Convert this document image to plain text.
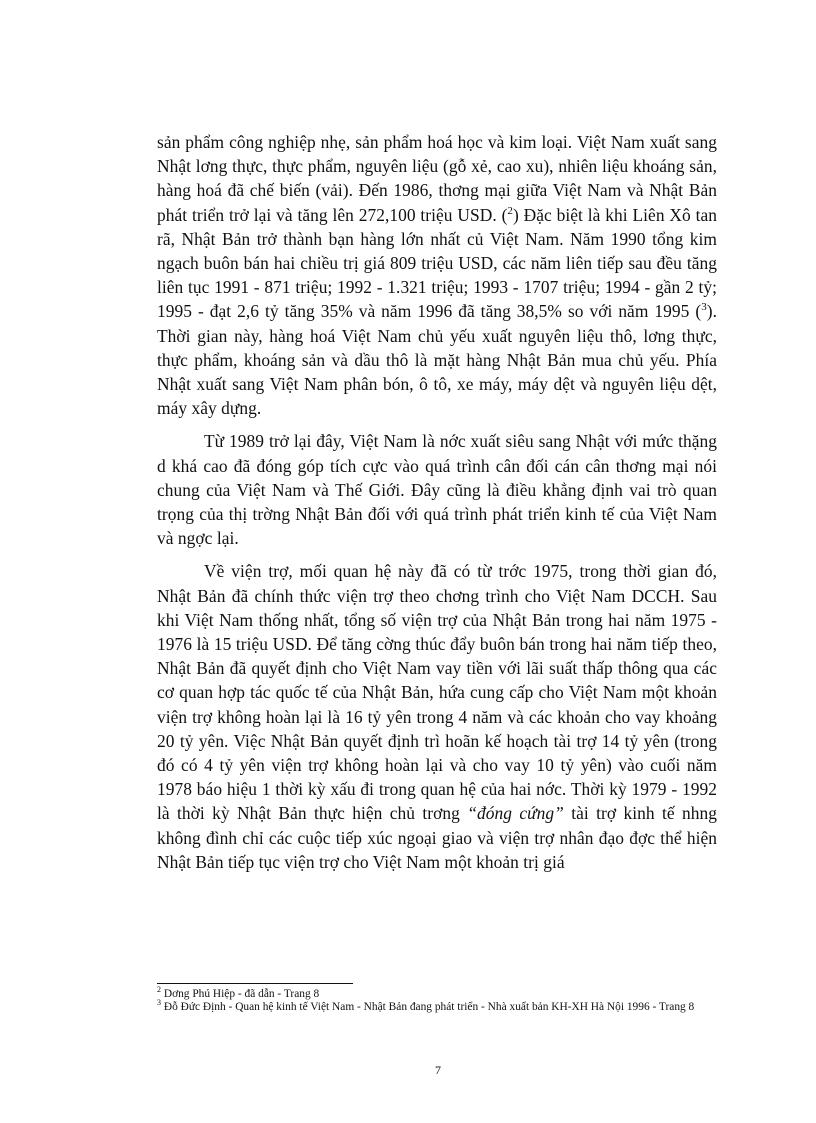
sản phẩm công nghiệp nhẹ, sản phẩm hoá học và kim loại. Việt Nam xuất sang Nhật lơng thực, thực phẩm, nguyên liệu (gỗ xẻ, cao xu), nhiên liệu khoáng sản, hàng hoá đã chế biến (vải). Đến 1986, thơng mại giữa Việt Nam và Nhật Bản phát triển trở lại và tăng lên 272,100 triệu USD. ($^2$) Đặc biệt là khi Liên Xô tan rã, Nhật Bản trở thành bạn hàng lớn nhất củ Việt Nam. Năm 1990 tổng kim ngạch buôn bán hai chiều trị giá 809 triệu USD, các năm liên tiếp sau đều tăng liên tục 1991 - 871 triệu; 1992 - 1.321 triệu; 1993 - 1707 triệu; 1994 - gần 2 tỷ; 1995 - đạt 2,6 tỷ tăng 35% và năm 1996 đã tăng 38,5% so với năm 1995 ($^3$). Thời gian này, hàng hoá Việt Nam chủ yếu xuất nguyên liệu thô, lơng thực, thực phẩm, khoáng sản và dầu thô là mặt hàng Nhật Bản mua chủ yếu. Phía Nhật xuất sang Việt Nam phân bón, ô tô, xe máy, máy dệt và nguyên liệu dệt, máy xây dựng.

Từ 1989 trở lại đây, Việt Nam là nớc xuất siêu sang Nhật với mức thặng d khá cao đã đóng góp tích cực vào quá trình cân đối cán cân thơng mại nói chung của Việt Nam và Thế Giới. Đây cũng là điều khẳng định vai trò quan trọng của thị trờng Nhật Bản đối với quá trình phát triển kinh tế của Việt Nam và ngợc lại.

Về viện trợ, mối quan hệ này đã có từ trớc 1975, trong thời gian đó, Nhật Bản đã chính thức viện trợ theo chơng trình cho Việt Nam DCCH. Sau khi Việt Nam thống nhất, tổng số viện trợ của Nhật Bản trong hai năm 1975 - 1976 là 15 triệu USD. Để tăng cờng thúc đẩy buôn bán trong hai năm tiếp theo, Nhật Bản đã quyết định cho Việt Nam vay tiền với lãi suất thấp thông qua các cơ quan hợp tác quốc tế của Nhật Bản, hứa cung cấp cho Việt Nam một khoản viện trợ không hoàn lại là 16 tỷ yên trong 4 năm và các khoản cho vay khoảng 20 tỷ yên. Việc Nhật Bản quyết định trì hoãn kế hoạch tài trợ 14 tỷ yên (trong đó có 4 tỷ yên viện trợ không hoàn lại và cho vay 10 tỷ yên) vào cuối năm 1978 báo hiệu 1 thời kỳ xấu đi trong quan hệ của hai nớc. Thời kỳ 1979 - 1992 là thời kỳ Nhật Bản thực hiện chủ trơng “đóng cứng” tài trợ kinh tế nhng không đình chỉ các cuộc tiếp xúc ngoại giao và viện trợ nhân đạo đợc thể hiện Nhật Bản tiếp tục viện trợ cho Việt Nam một khoản trị giá

$^2$ Dơng Phú Hiệp - đã dẫn - Trang 8

$^3$ Đỗ Đức Định - Quan hệ kinh tế Việt Nam - Nhật Bản đang phát triển - Nhà xuất bản KH-XH Hà Nội 1996 - Trang 8

7
